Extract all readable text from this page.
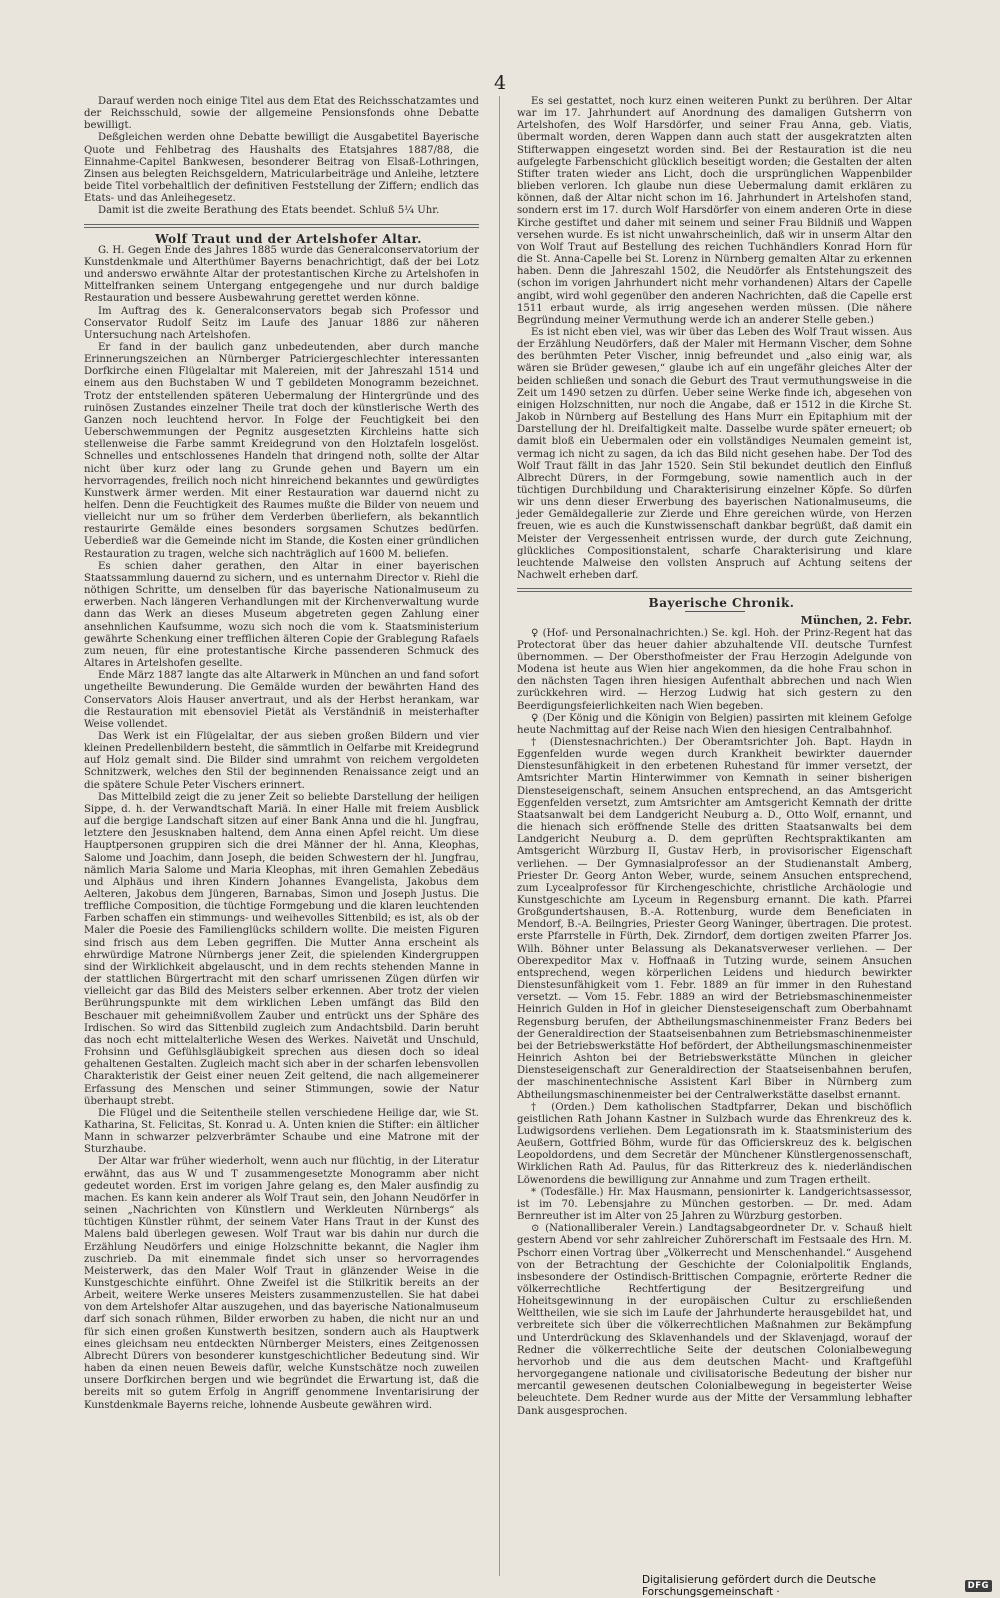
4

Darauf werden noch einige Titel aus dem Etat des Reichsschatzamtes und der Reichsschuld, sowie der allgemeine Pensionsfonds ohne Debatte bewilligt.

Deßgleichen werden ohne Debatte bewilligt die Ausgabetitel Bayerische Quote und Fehlbetrag des Haushalts des Etatsjahres 1887/88, die Einnahme-Capitel Bankwesen, besonderer Beitrag von Elsaß-Lothringen, Zinsen aus belegten Reichsgeldern, Matricularbeiträge und Anleihe, letztere beide Titel vorbehaltlich der definitiven Feststellung der Ziffern; endlich das Etats- und das Anleihegesetz.

Damit ist die zweite Berathung des Etats beendet. Schluß 5¼ Uhr.

Wolf Traut und der Artelshofer Altar.

G. H. Gegen Ende des Jahres 1885 wurde das Generalconservatorium der Kunstdenkmale und Alterthümer Bayerns benachrichtigt, daß der bei Lotz und anderswo erwähnte Altar der protestantischen Kirche zu Artelshofen in Mittelfranken seinem Untergang entgegengehe und nur durch baldige Restauration und bessere Ausbewahrung gerettet werden könne.

Im Auftrag des k. Generalconservators begab sich Professor und Conservator Rudolf Seitz im Laufe des Januar 1886 zur näheren Untersuchung nach Artelshofen.

Er fand in der baulich ganz unbedeutenden, aber durch manche Erinnerungszeichen an Nürnberger Patriciergeschlechter interessanten Dorfkirche einen Flügelaltar mit Malereien, mit der Jahreszahl 1514 und einem aus den Buchstaben W und T gebildeten Monogramm bezeichnet. Trotz der entstellenden späteren Uebermalung der Hintergründe und des ruinösen Zustandes einzelner Theile trat doch der künstlerische Werth des Ganzen noch leuchtend hervor. In Folge der Feuchtigkeit bei den Ueberschwemmungen der Pegnitz ausgesetzten Kirchleins hatte sich stellenweise die Farbe sammt Kreidegrund von den Holztafeln losgelöst. Schnelles und entschlossenes Handeln that dringend noth, sollte der Altar nicht über kurz oder lang zu Grunde gehen und Bayern um ein hervorragendes, freilich noch nicht hinreichend bekanntes und gewürdigtes Kunstwerk ärmer werden. Mit einer Restauration war dauernd nicht zu helfen. Denn die Feuchtigkeit des Raumes mußte die Bilder von neuem und vielleicht nur um so früher dem Verderben überliefern, als bekanntlich restaurirte Gemälde eines besonders sorgsamen Schutzes bedürfen. Ueberdieß war die Gemeinde nicht im Stande, die Kosten einer gründlichen Restauration zu tragen, welche sich nachträglich auf 1600 M. beliefen.

Es schien daher gerathen, den Altar in einer bayerischen Staatssammlung dauernd zu sichern, und es unternahm Director v. Riehl die nöthigen Schritte, um denselben für das bayerische Nationalmuseum zu erwerben. Nach längeren Verhandlungen mit der Kirchenverwaltung wurde dann das Werk an dieses Museum abgetreten gegen Zahlung einer ansehnlichen Kaufsumme, wozu sich noch die vom k. Staatsministerium gewährte Schenkung einer trefflichen älteren Copie der Grablegung Rafaels zum neuen, für eine protestantische Kirche passenderen Schmuck des Altares in Artelshofen gesellte.

Ende März 1887 langte das alte Altarwerk in München an und fand sofort ungetheilte Bewunderung. Die Gemälde wurden der bewährten Hand des Conservators Alois Hauser anvertraut, und als der Herbst herankam, war die Restauration mit ebensoviel Pietät als Verständniß in meisterhafter Weise vollendet.

Das Werk ist ein Flügelaltar, der aus sieben großen Bildern und vier kleinen Predellenbildern besteht, die sämmtlich in Oelfarbe mit Kreidegrund auf Holz gemalt sind. Die Bilder sind umrahmt von reichem vergoldeten Schnitzwerk, welches den Stil der beginnenden Renaissance zeigt und an die spätere Schule Peter Vischers erinnert.

Das Mittelbild zeigt die zu jener Zeit so beliebte Darstellung der heiligen Sippe, d. h. der Verwandtschaft Mariä. In einer Halle mit freiem Ausblick auf die bergige Landschaft sitzen auf einer Bank Anna und die hl. Jungfrau, letztere den Jesusknaben haltend, dem Anna einen Apfel reicht. Um diese Hauptpersonen gruppiren sich die drei Männer der hl. Anna, Kleophas, Salome und Joachim, dann Joseph, die beiden Schwestern der hl. Jungfrau, nämlich Maria Salome und Maria Kleophas, mit ihren Gemahlen Zebedäus und Alphäus und ihren Kindern Johannes Evangelista, Jakobus dem Aelteren, Jakobus dem Jüngeren, Barnabas, Simon und Joseph Justus. Die treffliche Composition, die tüchtige Formgebung und die klaren leuchtenden Farben schaffen ein stimmungs- und weihevolles Sittenbild; es ist, als ob der Maler die Poesie des Familienglücks schildern wollte. Die meisten Figuren sind frisch aus dem Leben gegriffen. Die Mutter Anna erscheint als ehrwürdige Matrone Nürnbergs jener Zeit, die spielenden Kindergruppen sind der Wirklichkeit abgelauscht, und in dem rechts stehenden Manne in der stattlichen Bürgertracht mit den scharf umrissenen Zügen dürfen wir vielleicht gar das Bild des Meisters selber erkennen. Aber trotz der vielen Berührungspunkte mit dem wirklichen Leben umfängt das Bild den Beschauer mit geheimnißvollem Zauber und entrückt uns der Sphäre des Irdischen. So wird das Sittenbild zugleich zum Andachtsbild. Darin beruht das noch echt mittelalterliche Wesen des Werkes. Naivetät und Unschuld, Frohsinn und Gefühlsgläubigkeit sprechen aus diesen doch so ideal gehaltenen Gestalten. Zugleich macht sich aber in der scharfen lebensvollen Charakteristik der Geist einer neuen Zeit geltend, die nach allgemeinerer Erfassung des Menschen und seiner Stimmungen, sowie der Natur überhaupt strebt.

Die Flügel und die Seitentheile stellen verschiedene Heilige dar, wie St. Katharina, St. Felicitas, St. Konrad u. A. Unten knien die Stifter: ein ältlicher Mann in schwarzer pelzverbrämter Schaube und eine Matrone mit der Sturzhaube.

Der Altar war früher wiederholt, wenn auch nur flüchtig, in der Literatur erwähnt, das aus W und T zusammengesetzte Monogramm aber nicht gedeutet worden. Erst im vorigen Jahre gelang es, den Maler ausfindig zu machen. Es kann kein anderer als Wolf Traut sein, den Johann Neudörfer in seinen „Nachrichten von Künstlern und Werkleuten Nürnbergs“ als tüchtigen Künstler rühmt, der seinem Vater Hans Traut in der Kunst des Malens bald überlegen gewesen. Wolf Traut war bis dahin nur durch die Erzählung Neudörfers und einige Holzschnitte bekannt, die Nagler ihm zuschrieb. Da mit einemmale findet sich unser so hervorragendes Meisterwerk, das den Maler Wolf Traut in glänzender Weise in die Kunstgeschichte einführt. Ohne Zweifel ist die Stilkritik bereits an der Arbeit, weitere Werke unseres Meisters zusammenzustellen. Sie hat dabei von dem Artelshofer Altar auszugehen, und das bayerische Nationalmuseum darf sich sonach rühmen, Bilder erworben zu haben, die nicht nur an und für sich einen großen Kunstwerth besitzen, sondern auch als Hauptwerk eines gleichsam neu entdeckten Nürnberger Meisters, eines Zeitgenossen Albrecht Dürers von besonderer kunstgeschichtlicher Bedeutung sind. Wir haben da einen neuen Beweis dafür, welche Kunstschätze noch zuweilen unsere Dorfkirchen bergen und wie begründet die Erwartung ist, daß die bereits mit so gutem Erfolg in Angriff genommene Inventarisirung der Kunstdenkmale Bayerns reiche, lohnende Ausbeute gewähren wird.

Es sei gestattet, noch kurz einen weiteren Punkt zu berühren. Der Altar war im 17. Jahrhundert auf Anordnung des damaligen Gutsherrn von Artelshofen, des Wolf Harsdörfer, und seiner Frau Anna, geb. Viatis, übermalt worden, deren Wappen dann auch statt der ausgekratzten alten Stifterwappen eingesetzt worden sind. Bei der Restauration ist die neu aufgelegte Farbenschicht glücklich beseitigt worden; die Gestalten der alten Stifter traten wieder ans Licht, doch die ursprünglichen Wappenbilder blieben verloren. Ich glaube nun diese Uebermalung damit erklären zu können, daß der Altar nicht schon im 16. Jahrhundert in Artelshofen stand, sondern erst im 17. durch Wolf Harsdörfer von einem anderen Orte in diese Kirche gestiftet und daher mit seinem und seiner Frau Bildniß und Wappen versehen wurde. Es ist nicht unwahrscheinlich, daß wir in unserm Altar den von Wolf Traut auf Bestellung des reichen Tuchhändlers Konrad Horn für die St. Anna-Capelle bei St. Lorenz in Nürnberg gemalten Altar zu erkennen haben. Denn die Jahreszahl 1502, die Neudörfer als Entstehungszeit des (schon im vorigen Jahrhundert nicht mehr vorhandenen) Altars der Capelle angibt, wird wohl gegenüber den anderen Nachrichten, daß die Capelle erst 1511 erbaut wurde, als irrig angesehen werden müssen. (Die nähere Begründung meiner Vermuthung werde ich an anderer Stelle geben.)

Es ist nicht eben viel, was wir über das Leben des Wolf Traut wissen. Aus der Erzählung Neudörfers, daß der Maler mit Hermann Vischer, dem Sohne des berühmten Peter Vischer, innig befreundet und „also einig war, als wären sie Brüder gewesen,“ glaube ich auf ein ungefähr gleiches Alter der beiden schließen und sonach die Geburt des Traut vermuthungsweise in die Zeit um 1490 setzen zu dürfen. Ueber seine Werke finde ich, abgesehen von einigen Holzschnitten, nur noch die Angabe, daß er 1512 in die Kirche St. Jakob in Nürnberg auf Bestellung des Hans Murr ein Epitaphium mit der Darstellung der hl. Dreifaltigkeit malte. Dasselbe wurde später erneuert; ob damit bloß ein Uebermalen oder ein vollständiges Neumalen gemeint ist, vermag ich nicht zu sagen, da ich das Bild nicht gesehen habe. Der Tod des Wolf Traut fällt in das Jahr 1520. Sein Stil bekundet deutlich den Einfluß Albrecht Dürers, in der Formgebung, sowie namentlich auch in der tüchtigen Durchbildung und Charakterisirung einzelner Köpfe. So dürfen wir uns denn dieser Erwerbung des bayerischen Nationalmuseums, die jeder Gemäldegallerie zur Zierde und Ehre gereichen würde, von Herzen freuen, wie es auch die Kunstwissenschaft dankbar begrüßt, daß damit ein Meister der Vergessenheit entrissen wurde, der durch gute Zeichnung, glückliches Compositionstalent, scharfe Charakterisirung und klare leuchtende Malweise den vollsten Anspruch auf Achtung seitens der Nachwelt erheben darf.

Bayerische Chronik.

München, 2. Febr.

♀ (Hof- und Personalnachrichten.) Se. kgl. Hoh. der Prinz-Regent hat das Protectorat über das heuer dahier abzuhaltende VII. deutsche Turnfest übernommen. — Der Obersthofmeister der Frau Herzogin Adelgunde von Modena ist heute aus Wien hier angekommen, da die hohe Frau schon in den nächsten Tagen ihren hiesigen Aufenthalt abbrechen und nach Wien zurückkehren wird. — Herzog Ludwig hat sich gestern zu den Beerdigungsfeierlichkeiten nach Wien begeben.

♀ (Der König und die Königin von Belgien) passirten mit kleinem Gefolge heute Nachmittag auf der Reise nach Wien den hiesigen Centralbahnhof.

† (Dienstesnachrichten.) Der Oberamtsrichter Joh. Bapt. Haydn in Eggenfelden wurde wegen durch Krankheit bewirkter dauernder Dienstesunfähigkeit in den erbetenen Ruhestand für immer versetzt, der Amtsrichter Martin Hinterwimmer von Kemnath in seiner bisherigen Diensteseigenschaft, seinem Ansuchen entsprechend, an das Amtsgericht Eggenfelden versetzt, zum Amtsrichter am Amtsgericht Kemnath der dritte Staatsanwalt bei dem Landgericht Neuburg a. D., Otto Wolf, ernannt, und die hienach sich eröffnende Stelle des dritten Staatsanwalts bei dem Landgericht Neuburg a. D. dem geprüften Rechtspraktikanten am Amtsgericht Würzburg II, Gustav Herb, in provisorischer Eigenschaft verliehen. — Der Gymnasialprofessor an der Studienanstalt Amberg, Priester Dr. Georg Anton Weber, wurde, seinem Ansuchen entsprechend, zum Lycealprofessor für Kirchengeschichte, christliche Archäologie und Kunstgeschichte am Lyceum in Regensburg ernannt. Die kath. Pfarrei Großgundertshausen, B.-A. Rottenburg, wurde dem Beneficiaten in Mendorf, B.-A. Beilngries, Priester Georg Waninger, übertragen. Die protest. erste Pfarrstelle in Fürth, Dek. Zirndorf, dem dortigen zweiten Pfarrer Jos. Wilh. Böhner unter Belassung als Dekanatsverweser verliehen. — Der Oberexpeditor Max v. Hoffnaaß in Tutzing wurde, seinem Ansuchen entsprechend, wegen körperlichen Leidens und hiedurch bewirkter Dienstesunfähigkeit vom 1. Febr. 1889 an für immer in den Ruhestand versetzt. — Vom 15. Febr. 1889 an wird der Betriebsmaschinenmeister Heinrich Gulden in Hof in gleicher Diensteseigenschaft zum Oberbahnamt Regensburg berufen, der Abtheilungsmaschinenmeister Franz Beders bei der Generaldirection der Staatseisenbahnen zum Betriebsmaschinenmeister bei der Betriebswerkstätte Hof befördert, der Abtheilungsmaschinenmeister Heinrich Ashton bei der Betriebswerkstätte München in gleicher Diensteseigenschaft zur Generaldirection der Staatseisenbahnen berufen, der maschinentechnische Assistent Karl Biber in Nürnberg zum Abtheilungsmaschinenmeister bei der Centralwerkstätte daselbst ernannt.

† (Orden.) Dem katholischen Stadtpfarrer, Dekan und bischöflich geistlichen Rath Johann Kastner in Sulzbach wurde das Ehrenkreuz des k. Ludwigsordens verliehen. Dem Legationsrath im k. Staatsministerium des Aeußern, Gottfried Böhm, wurde für das Officierskreuz des k. belgischen Leopoldordens, und dem Secretär der Münchener Künstlergenossenschaft, Wirklichen Rath Ad. Paulus, für das Ritterkreuz des k. niederländischen Löwenordens die bewilligung zur Annahme und zum Tragen ertheilt.

* (Todesfälle.) Hr. Max Hausmann, pensionirter k. Landgerichtsassessor, ist im 70. Lebensjahre zu München gestorben. — Dr. med. Adam Bernreuther ist im Alter von 25 Jahren zu Würzburg gestorben.

⊙ (Nationalliberaler Verein.) Landtagsabgeordneter Dr. v. Schauß hielt gestern Abend vor sehr zahlreicher Zuhörerschaft im Festsaale des Hrn. M. Pschorr einen Vortrag über „Völkerrecht und Menschenhandel.“ Ausgehend von der Betrachtung der Geschichte der Colonialpolitik Englands, insbesondere der Ostindisch-Brittischen Compagnie, erörterte Redner die völkerrechtliche Rechtfertigung der Besitzergreifung und Hoheitsgewinnung in der europäischen Cultur zu erschließenden Welttheilen, wie sie sich im Laufe der Jahrhunderte herausgebildet hat, und verbreitete sich über die völkerrechtlichen Maßnahmen zur Bekämpfung und Unterdrückung des Sklavenhandels und der Sklavenjagd, worauf der Redner die völkerrechtliche Seite der deutschen Colonialbewegung hervorhob und die aus dem deutschen Macht- und Kraftgefühl hervorgegangene nationale und civilisatorische Bedeutung der bisher nur mercantil gewesenen deutschen Colonialbewegung in begeisterter Weise beleuchtete. Dem Redner wurde aus der Mitte der Versammlung lebhafter Dank ausgesprochen.

Digitalisierung gefördert durch die Deutsche Forschungsgemeinschaft ·	DFG
